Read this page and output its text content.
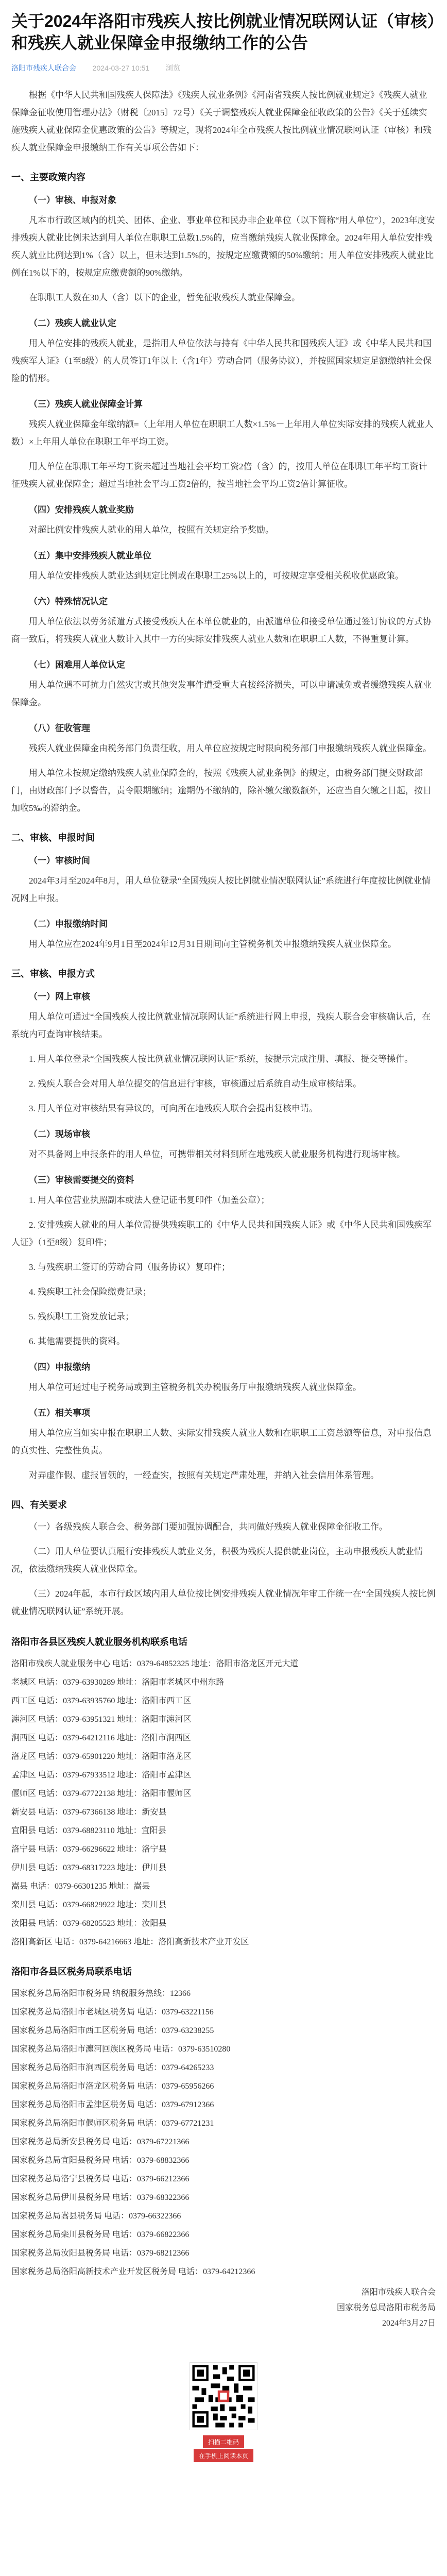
关于2024年洛阳市残疾人按比例就业情况联网认证（审核）和残疾人就业保障金申报缴纳工作的公告
洛阳市残疾人联合会 2024-03-27 10:51 浏览

根据《中华人民共和国残疾人保障法》《残疾人就业条例》《河南省残疾人按比例就业规定》《残疾人就业保障金征收使用管理办法》（财税〔2015〕72号）《关于调整残疾人就业保障金征收政策的公告》《关于延续实施残疾人就业保障金优惠政策的公告》等规定，现将2024年全市残疾人按比例就业情况联网认证（审核）和残疾人就业保障金申报缴纳工作有关事项公告如下：

一、主要政策内容
（一）审核、申报对象

凡本市行政区域内的机关、团体、企业、事业单位和民办非企业单位（以下简称“用人单位”），2023年度安排残疾人就业比例未达到用人单位在职职工总数1.5%的，应当缴纳残疾人就业保障金。2024年用人单位安排残疾人就业比例达到1%（含）以上，但未达到1.5%的，按规定应缴费额的50%缴纳；用人单位安排残疾人就业比例在1%以下的，按规定应缴费额的90%缴纳。

在职职工人数在30人（含）以下的企业，暂免征收残疾人就业保障金。

（二）残疾人就业认定

用人单位安排的残疾人就业，是指用人单位依法与持有《中华人民共和国残疾人证》或《中华人民共和国残疾军人证》（1至8级）的人员签订1年以上（含1年）劳动合同（服务协议），并按照国家规定足额缴纳社会保险的情形。

（三）残疾人就业保障金计算

残疾人就业保障金年缴纳额=（上年用人单位在职职工人数×1.5%－上年用人单位实际安排的残疾人就业人数）×上年用人单位在职职工年平均工资。

用人单位在职职工年平均工资未超过当地社会平均工资2倍（含）的，按用人单位在职职工年平均工资计征残疾人就业保障金；超过当地社会平均工资2倍的，按当地社会平均工资2倍计算征收。

（四）安排残疾人就业奖励

对超比例安排残疾人就业的用人单位，按照有关规定给予奖励。

（五）集中安排残疾人就业单位

用人单位安排残疾人就业达到规定比例或在职职工25%以上的，可按规定享受相关税收优惠政策。

（六）特殊情况认定

用人单位依法以劳务派遣方式接受残疾人在本单位就业的，由派遣单位和接受单位通过签订协议的方式协商一致后，将残疾人就业人数计入其中一方的实际安排残疾人就业人数和在职职工人数，不得重复计算。

（七）困难用人单位认定

用人单位遇不可抗力自然灾害或其他突发事件遭受重大直接经济损失，可以申请减免或者缓缴残疾人就业保障金。

（八）征收管理

残疾人就业保障金由税务部门负责征收，用人单位应按规定时限向税务部门申报缴纳残疾人就业保障金。

用人单位未按规定缴纳残疾人就业保障金的，按照《残疾人就业条例》的规定，由税务部门提交财政部门，由财政部门予以警告，责令限期缴纳；逾期仍不缴纳的，除补缴欠缴数额外，还应当自欠缴之日起，按日加收5‰的滞纳金。

二、审核、申报时间
（一）审核时间

2024年3月至2024年8月，用人单位登录“全国残疾人按比例就业情况联网认证”系统进行年度按比例就业情况网上申报。

（二）申报缴纳时间

用人单位应在2024年9月1日至2024年12月31日期间向主管税务机关申报缴纳残疾人就业保障金。

三、审核、申报方式
（一）网上审核

用人单位可通过“全国残疾人按比例就业情况联网认证”系统进行网上申报，残疾人联合会审核确认后，在系统内可查询审核结果。

1. 用人单位登录“全国残疾人按比例就业情况联网认证”系统，按提示完成注册、填报、提交等操作。

2. 残疾人联合会对用人单位提交的信息进行审核，审核通过后系统自动生成审核结果。

3. 用人单位对审核结果有异议的，可向所在地残疾人联合会提出复核申请。

（二）现场审核

对不具备网上申报条件的用人单位，可携带相关材料到所在地残疾人就业服务机构进行现场审核。

（三）审核需要提交的资料

1. 用人单位营业执照副本或法人登记证书复印件（加盖公章）；

2. 安排残疾人就业的用人单位需提供残疾职工的《中华人民共和国残疾人证》或《中华人民共和国残疾军人证》（1至8级）复印件；

3. 与残疾职工签订的劳动合同（服务协议）复印件；

4. 残疾职工社会保险缴费记录；

5. 残疾职工工资发放记录；

6. 其他需要提供的资料。

（四）申报缴纳

用人单位可通过电子税务局或到主管税务机关办税服务厅申报缴纳残疾人就业保障金。

（五）相关事项

用人单位应当如实申报在职职工人数、实际安排残疾人就业人数和在职职工工资总额等信息，对申报信息的真实性、完整性负责。

对弄虚作假、虚报冒领的，一经查实，按照有关规定严肃处理，并纳入社会信用体系管理。

四、有关要求

（一）各级残疾人联合会、税务部门要加强协调配合，共同做好残疾人就业保障金征收工作。

（二）用人单位要认真履行安排残疾人就业义务，积极为残疾人提供就业岗位，主动申报残疾人就业情况，依法缴纳残疾人就业保障金。

（三）2024年起，本市行政区域内用人单位按比例安排残疾人就业情况年审工作统一在“全国残疾人按比例就业情况联网认证”系统开展。

洛阳市各县区残疾人就业服务机构联系电话

洛阳市残疾人就业服务中心 电话：0379-64852325 地址：洛阳市洛龙区开元大道

老城区 电话：0379-63930289 地址：洛阳市老城区中州东路

西工区 电话：0379-63935760 地址：洛阳市西工区

瀍河区 电话：0379-63951321 地址：洛阳市瀍河区

涧西区 电话：0379-64212116 地址：洛阳市涧西区

洛龙区 电话：0379-65901220 地址：洛阳市洛龙区

孟津区 电话：0379-67933512 地址：洛阳市孟津区

偃师区 电话：0379-67722138 地址：洛阳市偃师区

新安县 电话：0379-67366138 地址：新安县

宜阳县 电话：0379-68823110 地址：宜阳县

洛宁县 电话：0379-66296622 地址：洛宁县

伊川县 电话：0379-68317223 地址：伊川县

嵩县 电话：0379-66301235 地址：嵩县

栾川县 电话：0379-66829922 地址：栾川县

汝阳县 电话：0379-68205523 地址：汝阳县

洛阳高新区 电话：0379-64216663 地址：洛阳高新技术产业开发区

洛阳市各县区税务局联系电话

国家税务总局洛阳市税务局 纳税服务热线：12366

国家税务总局洛阳市老城区税务局 电话：0379-63221156

国家税务总局洛阳市西工区税务局 电话：0379-63238255

国家税务总局洛阳市瀍河回族区税务局 电话：0379-63510280

国家税务总局洛阳市涧西区税务局 电话：0379-64265233

国家税务总局洛阳市洛龙区税务局 电话：0379-65956266

国家税务总局洛阳市孟津区税务局 电话：0379-67912366

国家税务总局洛阳市偃师区税务局 电话：0379-67721231

国家税务总局新安县税务局 电话：0379-67221366

国家税务总局宜阳县税务局 电话：0379-68832366

国家税务总局洛宁县税务局 电话：0379-66212366

国家税务总局伊川县税务局 电话：0379-68322366

国家税务总局嵩县税务局 电话：0379-66322366

国家税务总局栾川县税务局 电话：0379-66822366

国家税务总局汝阳县税务局 电话：0379-68212366

国家税务总局洛阳高新技术产业开发区税务局 电话：0379-64212366

洛阳市残疾人联合会

国家税务总局洛阳市税务局

2024年3月27日

扫描二维码
在手机上阅读本页
